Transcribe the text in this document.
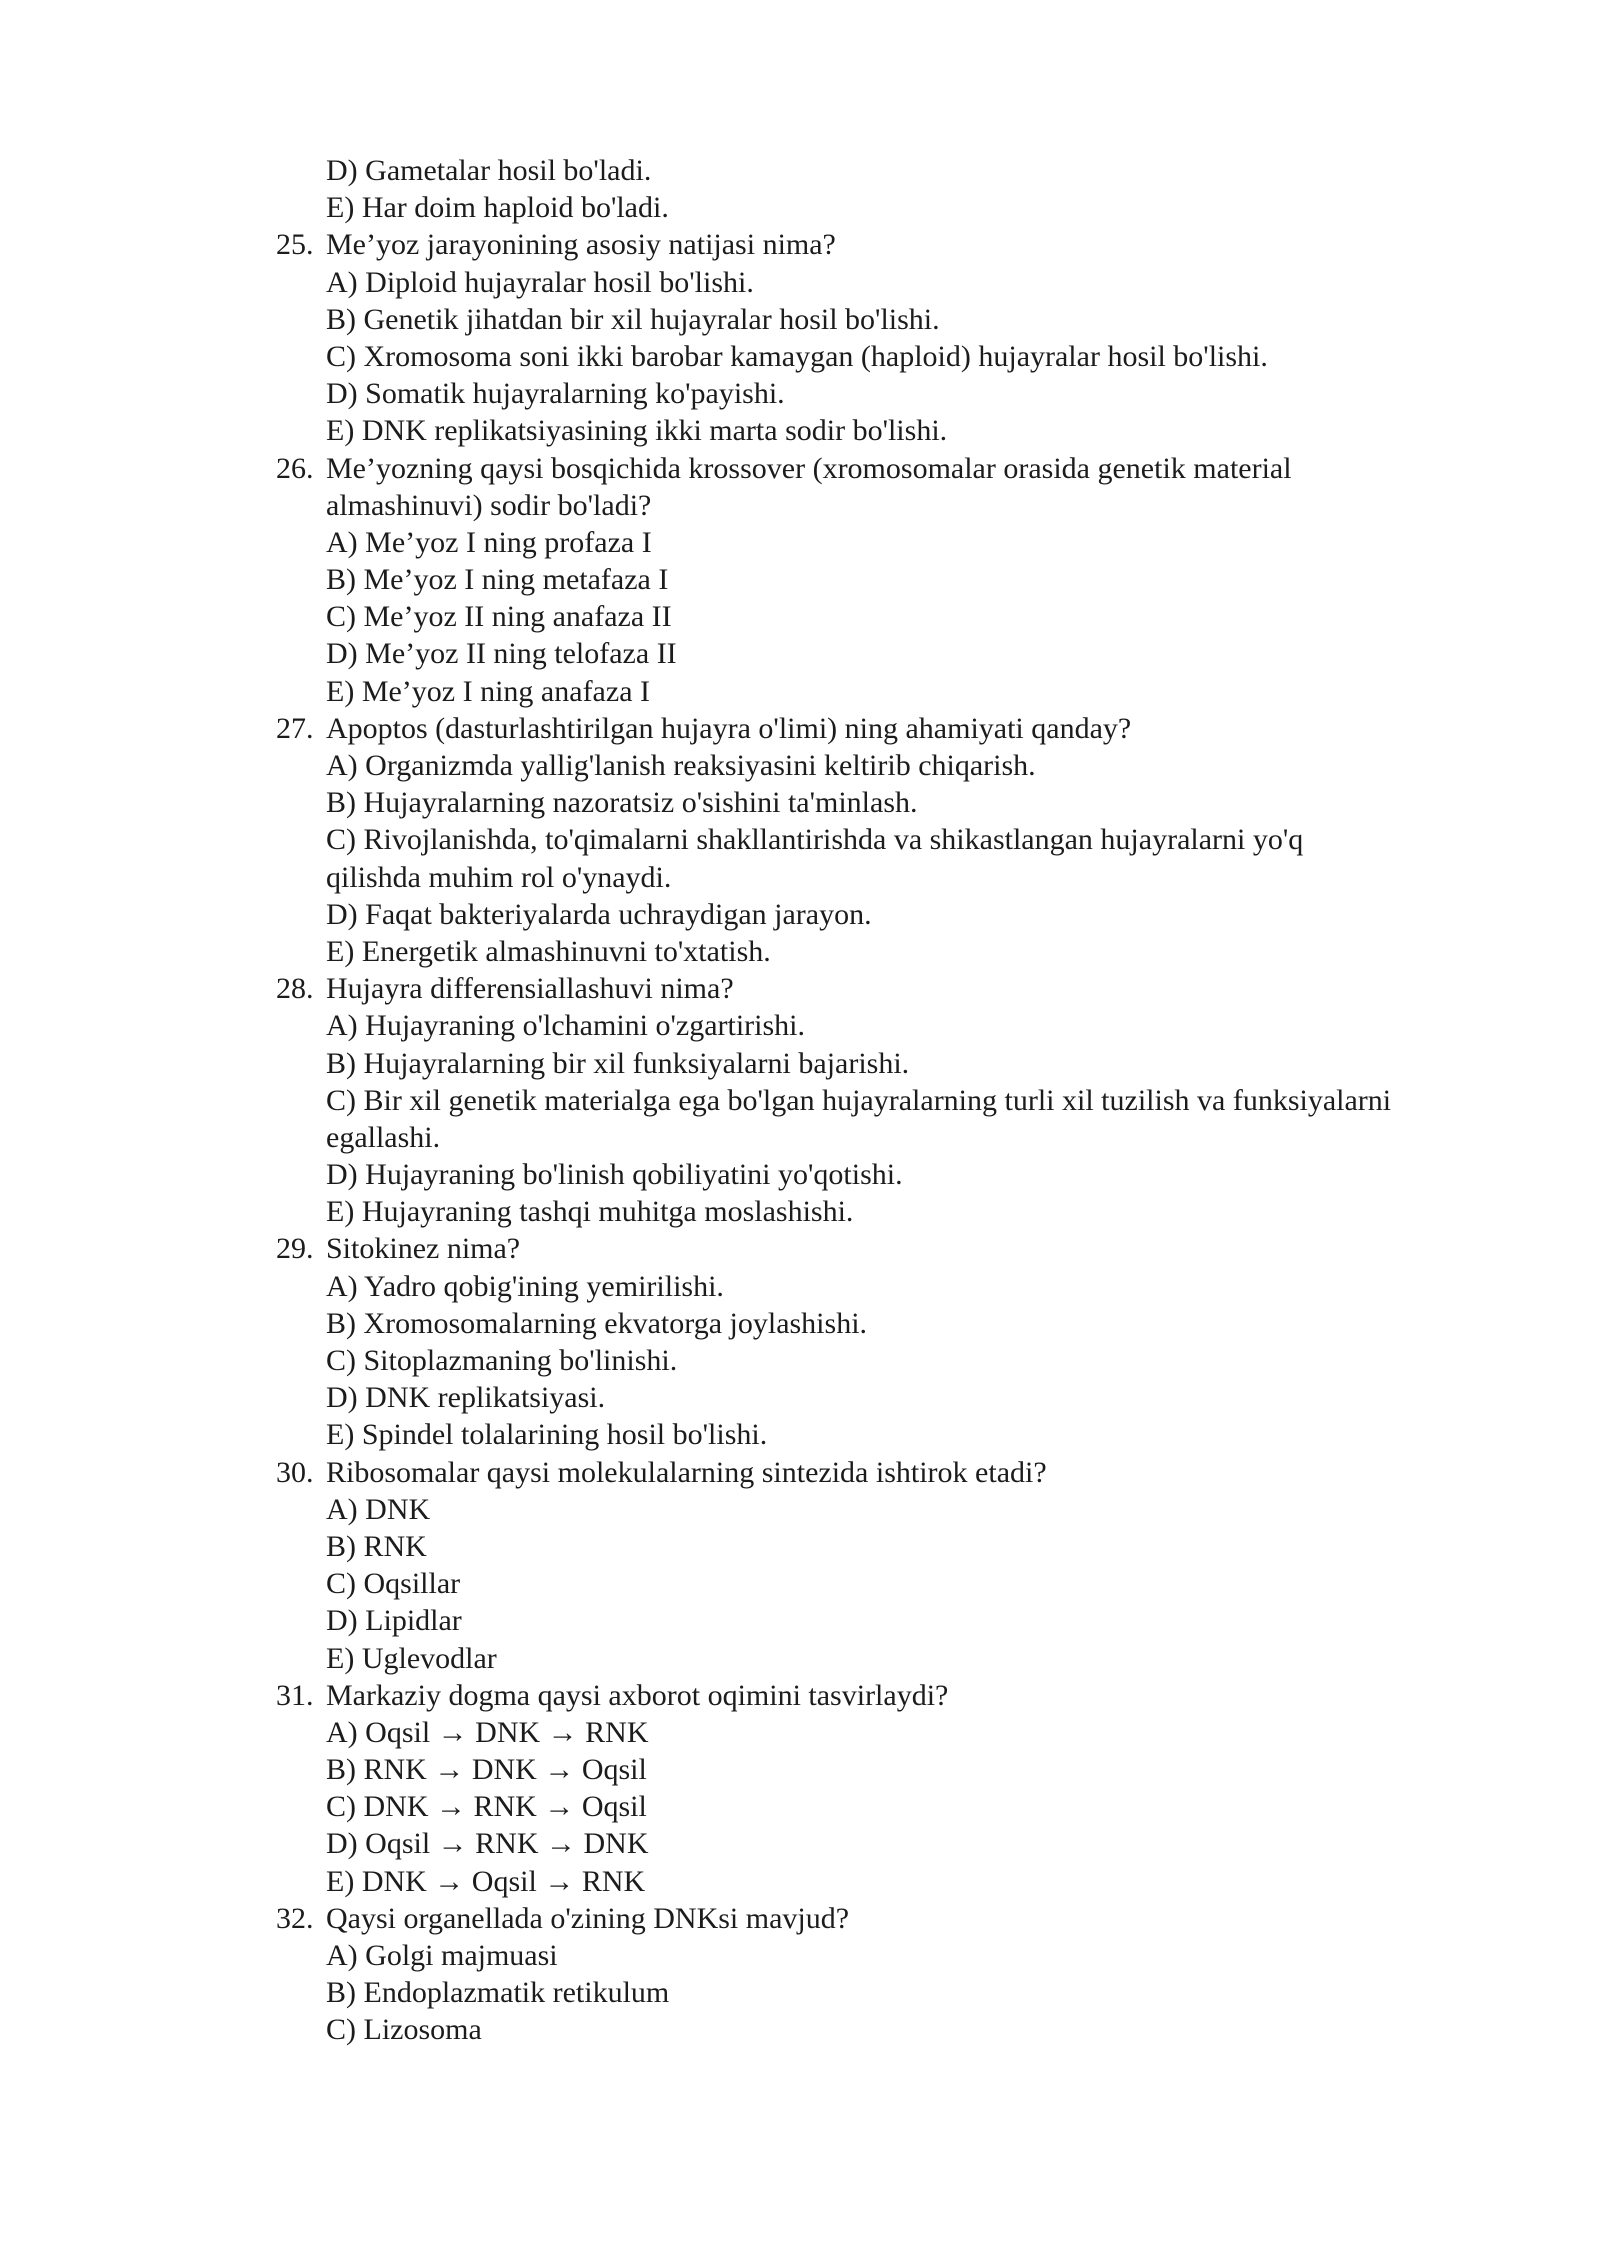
D) Gametalar hosil bo'ladi.
E) Har doim haploid bo'ladi.
25. Me’yoz jarayonining asosiy natijasi nima?
A) Diploid hujayralar hosil bo'lishi.
B) Genetik jihatdan bir xil hujayralar hosil bo'lishi.
C) Xromosoma soni ikki barobar kamaygan (haploid) hujayralar hosil bo'lishi.
D) Somatik hujayralarning ko'payishi.
E) DNK replikatsiyasining ikki marta sodir bo'lishi.
26. Me’yozning qaysi bosqichida krossover (xromosomalar orasida genetik material
almashinuvi) sodir bo'ladi?
A) Me’yoz I ning profaza I
B) Me’yoz I ning metafaza I
C) Me’yoz II ning anafaza II
D) Me’yoz II ning telofaza II
E) Me’yoz I ning anafaza I
27. Apoptos (dasturlashtirilgan hujayra o'limi) ning ahamiyati qanday?
A) Organizmda yallig'lanish reaksiyasini keltirib chiqarish.
B) Hujayralarning nazoratsiz o'sishini ta'minlash.
C) Rivojlanishda, to'qimalarni shakllantirishda va shikastlangan hujayralarni yo'q
qilishda muhim rol o'ynaydi.
D) Faqat bakteriyalarda uchraydigan jarayon.
E) Energetik almashinuvni to'xtatish.
28. Hujayra differensiallashuvi nima?
A) Hujayraning o'lchamini o'zgartirishi.
B) Hujayralarning bir xil funksiyalarni bajarishi.
C) Bir xil genetik materialga ega bo'lgan hujayralarning turli xil tuzilish va funksiyalarni
egallashi.
D) Hujayraning bo'linish qobiliyatini yo'qotishi.
E) Hujayraning tashqi muhitga moslashishi.
29. Sitokinez nima?
A) Yadro qobig'ining yemirilishi.
B) Xromosomalarning ekvatorga joylashishi.
C) Sitoplazmaning bo'linishi.
D) DNK replikatsiyasi.
E) Spindel tolalarining hosil bo'lishi.
30. Ribosomalar qaysi molekulalarning sintezida ishtirok etadi?
A) DNK
B) RNK
C) Oqsillar
D) Lipidlar
E) Uglevodlar
31. Markaziy dogma qaysi axborot oqimini tasvirlaydi?
A) Oqsil → DNK → RNK
B) RNK → DNK → Oqsil
C) DNK → RNK → Oqsil
D) Oqsil → RNK → DNK
E) DNK → Oqsil → RNK
32. Qaysi organellada o'zining DNKsi mavjud?
A) Golgi majmuasi
B) Endoplazmatik retikulum
C) Lizosoma
